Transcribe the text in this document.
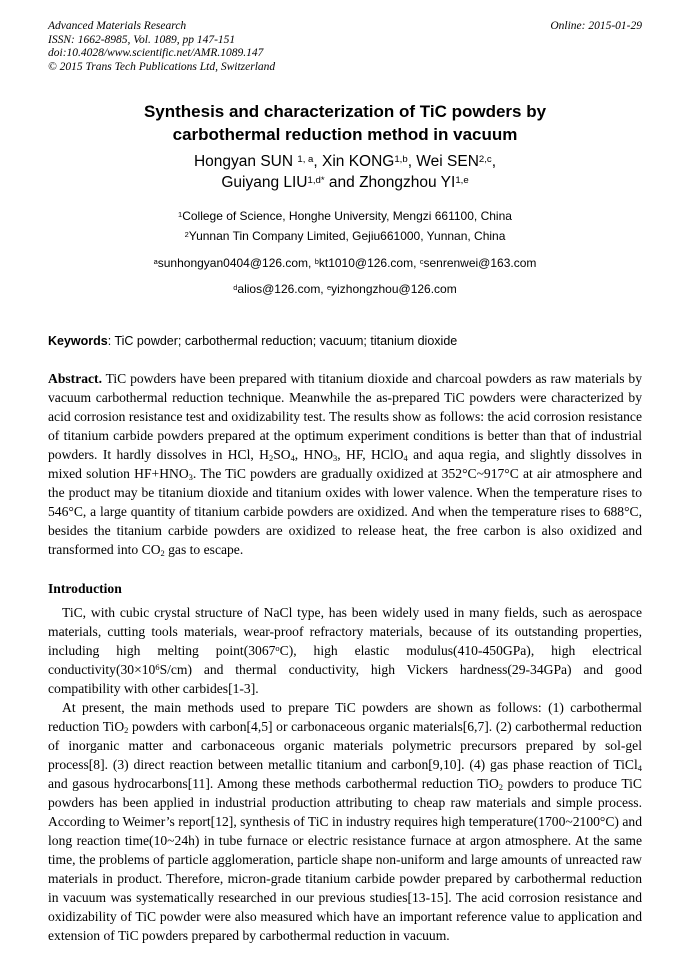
Advanced Materials Research
ISSN: 1662-8985, Vol. 1089, pp 147-151
doi:10.4028/www.scientific.net/AMR.1089.147
© 2015 Trans Tech Publications Ltd, Switzerland
Online: 2015-01-29
Synthesis and characterization of TiC powders by
carbothermal reduction method in vacuum
Hongyan SUN $^{1, a}$, Xin KONG$^{1,b}$, Wei SEN$^{2,c}$,
Guiyang $LIU^{1,d*}$ and Zhongzhou YI$^{1,e}$
$^1$College of Science, Honghe University, Mengzi 661100, China
$^2$Yunnan Tin Company Limited, Gejiu661000, Yunnan, China
$^a$sunhongyan0404@126.com, $^b$kt1010@126.com, $^c$senrenwei@163.com
$^d$alios@126.com, $^e$yizhongzhou@126.com
Keywords: TiC powder; carbothermal reduction; vacuum; titanium dioxide

Abstract. TiC powders have been prepared with titanium dioxide and charcoal powders as raw materials by vacuum carbothermal reduction technique. Meanwhile the as-prepared TiC powders were characterized by acid corrosion resistance test and oxidizability test. The results show as follows: the acid corrosion resistance of titanium carbide powders prepared at the optimum experiment conditions is better than that of industrial powders. It hardly dissolves in HCl, $H_2SO_4$, $HNO_3$, HF, HClO$_4$ and aqua regia, and slightly dissolves in mixed solution $HF+HNO_3$. The TiC powders are gradually oxidized at 352°C~917°C at air atmosphere and the product may be titanium dioxide and titanium oxides with lower valence. When the temperature rises to 546°C, a large quantity of titanium carbide powders are oxidized. And when the temperature rises to 688°C, besides the titanium carbide powders are oxidized to release heat, the free carbon is also oxidized and transformed into $CO_2$ gas to escape.

Introduction

TiC, with cubic crystal structure of NaCl type, has been widely used in many fields, such as aerospace materials, cutting tools materials, wear-proof refractory materials, because of its outstanding properties, including high melting point(3067$^o$C), high elastic modulus(410-450GPa), high electrical $conductivity(30\times 10^6S/cm)$ and thermal conductivity, high Vickers hardness(29-34GPa) and good compatibility with other carbides[1-3].

At present, the main methods used to prepare TiC powders are shown as follows: (1) carbothermal reduction TiO$_2$ powders with carbon[4,5] or carbonaceous organic materials[6,7]. (2) carbothermal reduction of inorganic matter and carbonaceous organic materials polymetric precursors prepared by sol-gel process[8]. (3) direct reaction between metallic titanium and carbon[9,10]. (4) gas phase reaction of TiCl$_4$ and gasous hydrocarbons[11]. Among these methods carbothermal reduction TiO$_2$ powders to produce TiC powders has been applied in industrial production attributing to cheap raw materials and simple process. According to Weimer’s report[12], synthesis of TiC in industry requires high temperature(1700~2100°C) and long reaction time(10~24h) in tube furnace or electric resistance furnace at argon atmosphere. At the same time, the problems of particle agglomeration, particle shape non-uniform and large amounts of unreacted raw materials in product. Therefore, micron-grade titanium carbide powder prepared by carbothermal reduction in vacuum was systematically researched in our previous studies[13-15]. The acid corrosion resistance and oxidizability of TiC powder were also measured which have an important reference value to application and extension of TiC powders prepared by carbothermal reduction in vacuum.
